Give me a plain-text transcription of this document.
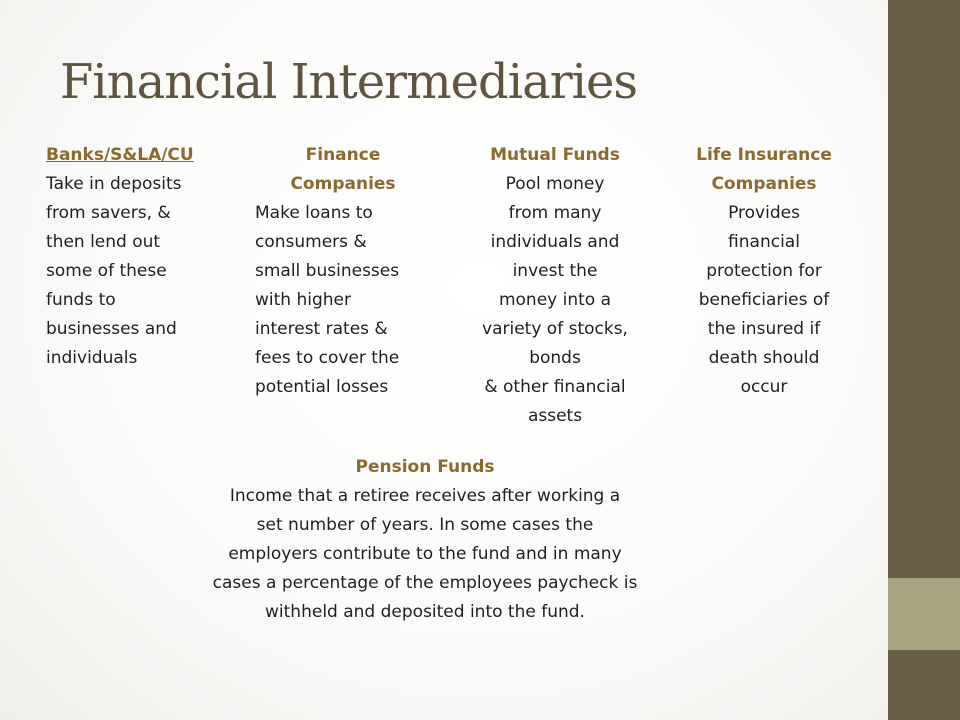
Financial Intermediaries
Banks/S&LA/CU
Take in deposits
from savers, &
then lend out
some of these
funds to
businesses and
individuals
Finance
Companies
Make loans to
consumers &
small businesses
with higher
interest rates &
fees to cover the
potential losses
Mutual Funds
Pool money
from many
individuals and
invest the
money into a
variety of stocks,
bonds
& other financial
assets
Life Insurance
Companies
Provides
financial
protection for
beneficiaries of
the insured if
death should
occur
Pension Funds
Income that a retiree receives after working a
set number of years. In some cases the
employers contribute to the fund and in many
cases a percentage of the employees paycheck is
withheld and deposited into the fund.
